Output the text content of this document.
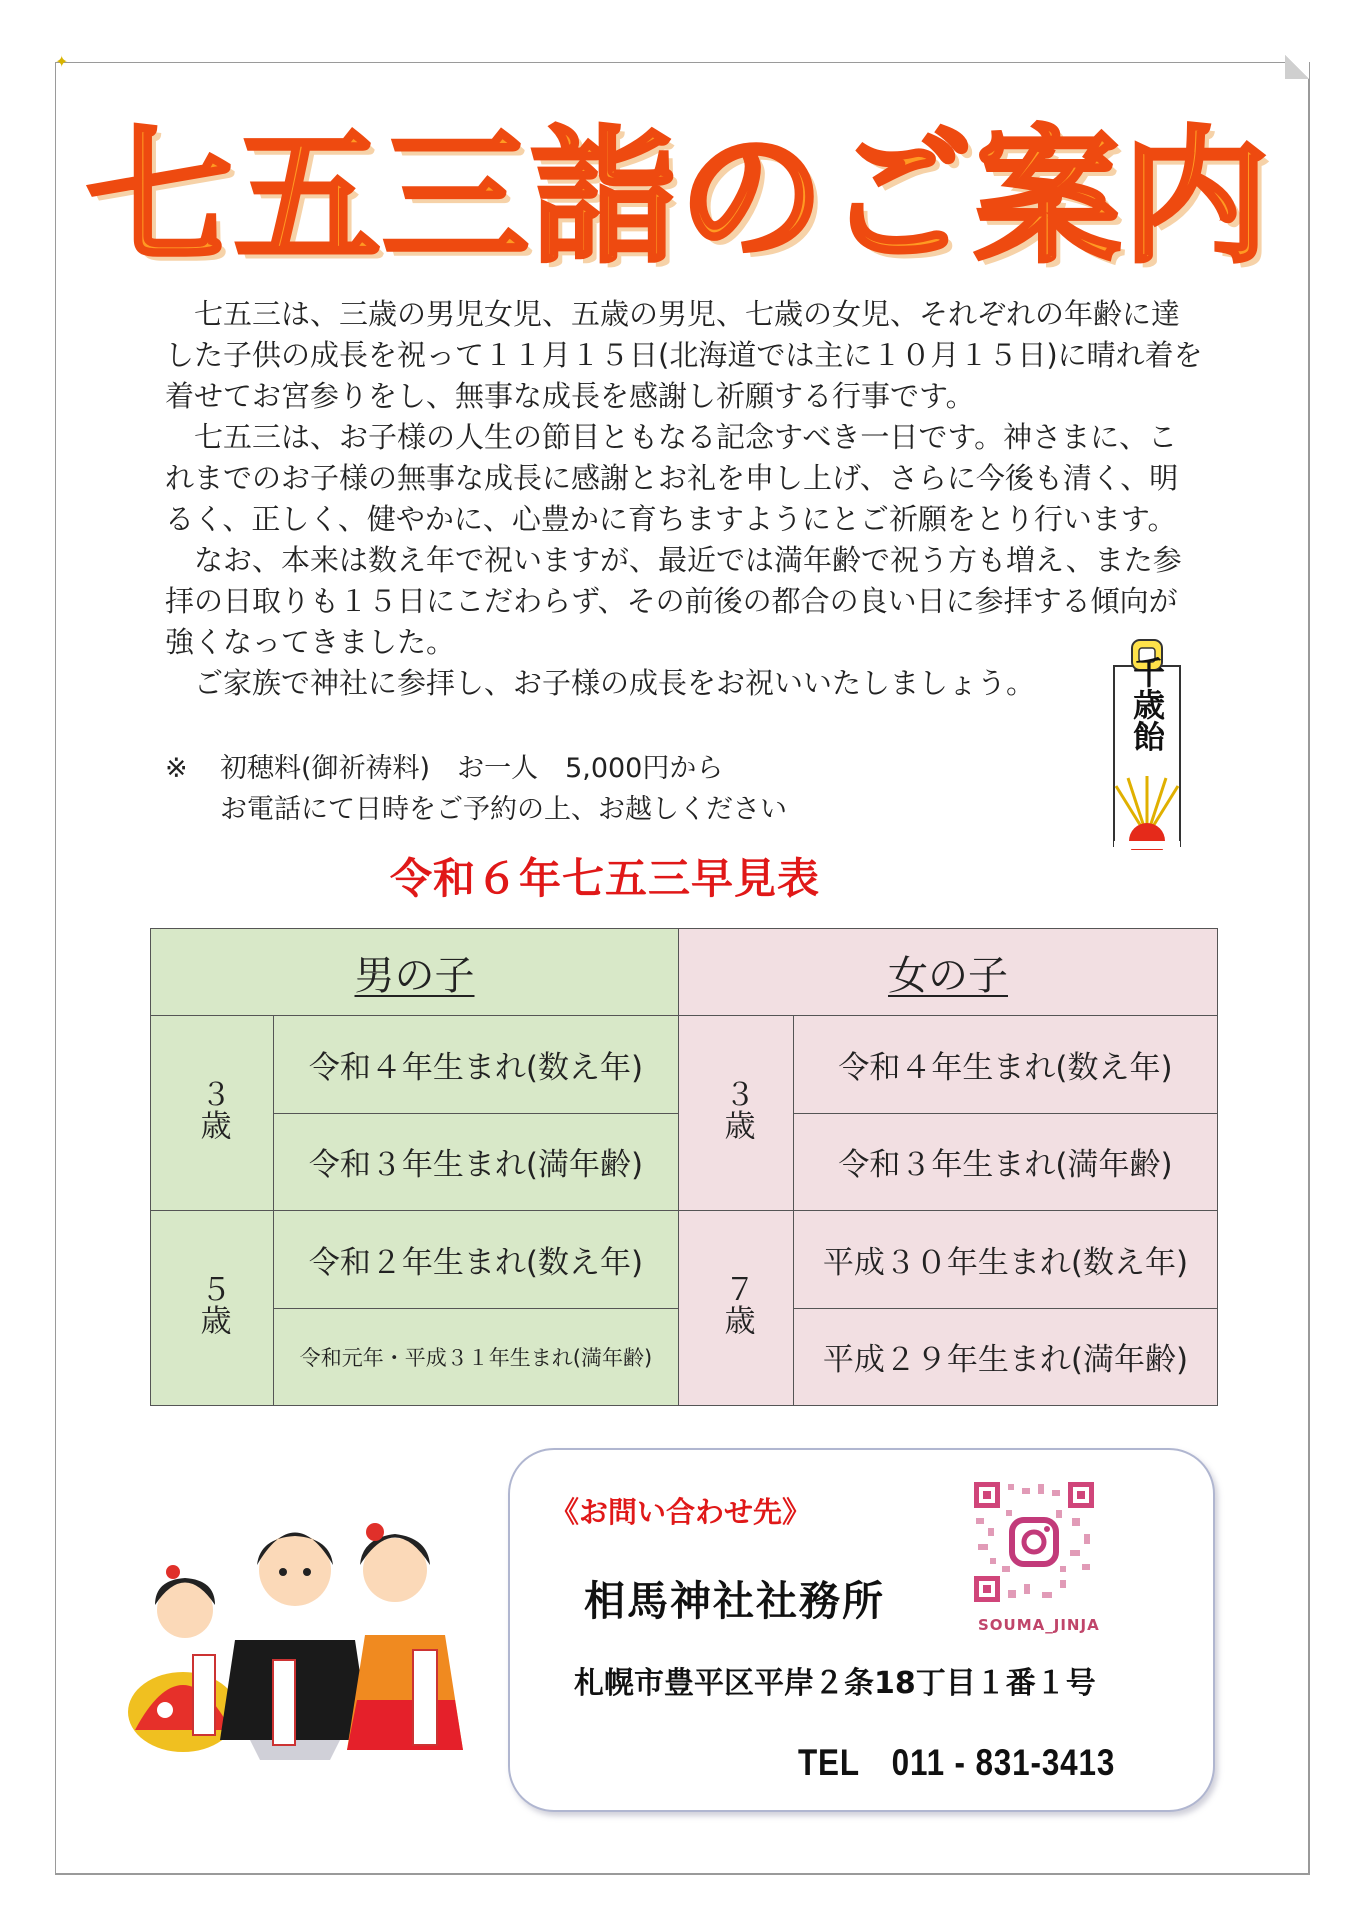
✦
七五三詣のご案内

　七五三は、三歳の男児女児、五歳の男児、七歳の女児、それぞれの年齢に達した子供の成長を祝って１１月１５日(北海道では主に１０月１５日)に晴れ着を着せてお宮参りをし、無事な成長を感謝し祈願する行事です。

　七五三は、お子様の人生の節目ともなる記念すべき一日です。神さまに、これまでのお子様の無事な成長に感謝とお礼を申し上げ、さらに今後も清く、明るく、正しく、健やかに、心豊かに育ちますようにとご祈願をとり行います。

　なお、本来は数え年で祝いますが、最近では満年齢で祝う方も増え、また参拝の日取りも１５日にこだわらず、その前後の都合の良い日に参拝する傾向が強くなってきました。

　ご家族で神社に参拝し、お子様の成長をお祝いいたしましょう。

※ 初穂料(御祈祷料)　お一人　5,000円から
お電話にて日時をご予約の上、お越しください
千歳飴
令和６年七五三早見表
男の子		女の子	
３歳	令和４年生まれ(数え年)	３歳	令和４年生まれ(数え年)
	令和３年生まれ(満年齢)		令和３年生まれ(満年齢)
５歳	令和２年生まれ(数え年)	７歳	平成３０年生まれ(数え年)
	令和元年・平成３１年生まれ(満年齢)		平成２９年生まれ(満年齢)
《お問い合わせ先》
相馬神社社務所
札幌市豊平区平岸２条18丁目１番１号
TEL　011 - 831-3413
SOUMA_JINJA
